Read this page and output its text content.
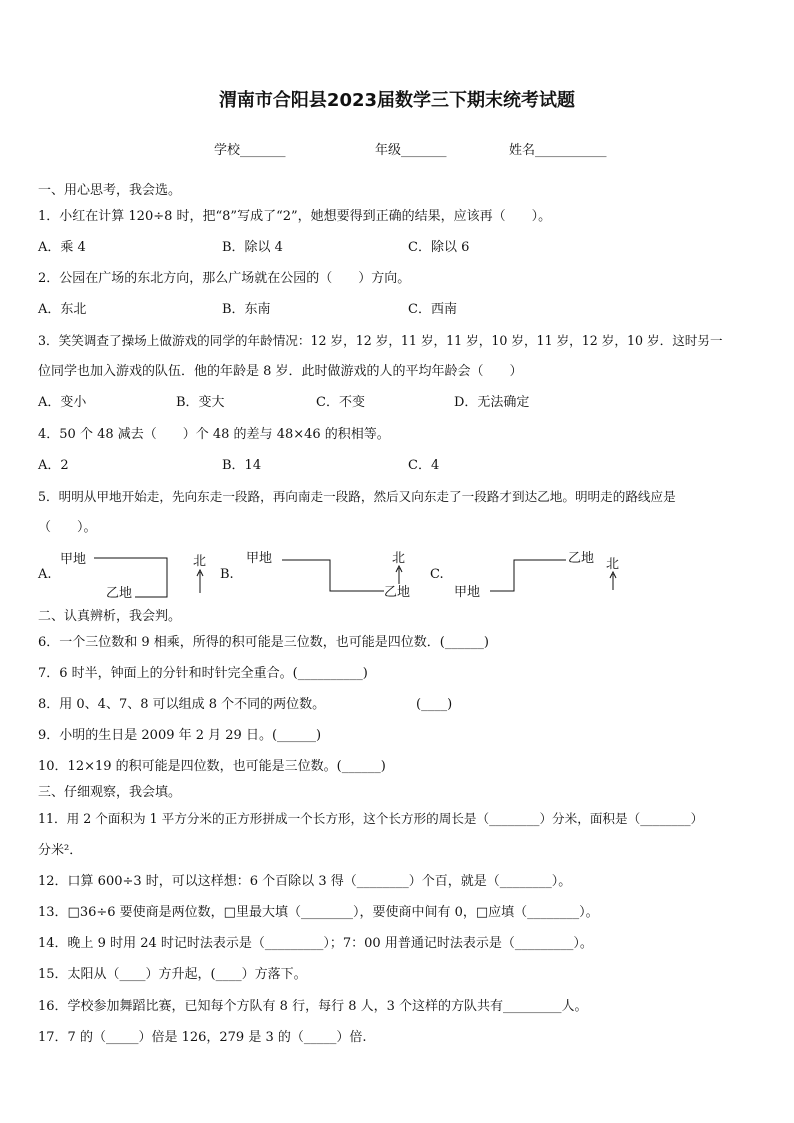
渭南市合阳县2023届数学三下期末统考试题
学校_______	年级_______	姓名___________
一、用心思考，我会选。
1．小红在计算 120÷8 时，把“8”写成了“2”，她想要得到正确的结果，应该再（　　）。
A．乘 4	B．除以 4	C．除以 6
2．公园在广场的东北方向，那么广场就在公园的（　　）方向。
A．东北	B．东南	C．西南
3．笑笑调查了操场上做游戏的同学的年龄情况：12 岁，12 岁，11 岁，11 岁，10 岁，11 岁，12 岁，10 岁．这时另一
位同学也加入游戏的队伍．他的年龄是 8 岁．此时做游戏的人的平均年龄会（　　）
A．变小	B．变大	C．不变	D．无法确定
4．50 个 48 减去（　　）个 48 的差与 48×46 的积相等。
A．2	B．14	C．4
5．明明从甲地开始走，先向东走一段路，再向南走一段路，然后又向东走了一段路才到达乙地。明明走的路线应是
（　　）。
A.
甲地
乙地
北
B.
甲地
乙地
北
C.
甲地
乙地 北
二、认真辨析，我会判。
6．一个三位数和 9 相乘，所得的积可能是三位数，也可能是四位数．(______)
7．6 时半，钟面上的分针和时针完全重合。(__________)
8．用 0、4、7、8 可以组成 8 个不同的两位数。	(____)
9．小明的生日是 2009 年 2 月 29 日。(______)
10．12×19 的积可能是四位数，也可能是三位数。(______)
三、仔细观察，我会填。
11．用 2 个面积为 1 平方分米的正方形拼成一个长方形，这个长方形的周长是（________）分米，面积是（________）
分米²．
12．口算 600÷3 时，可以这样想：6 个百除以 3 得（________）个百，就是（________）。
13．□36÷6 要使商是两位数，□里最大填（________），要使商中间有 0，□应填（________）。
14．晚上 9 时用 24 时记时法表示是（_________）；7：00 用普通记时法表示是（_________）。
15．太阳从（____）方升起，(____）方落下。
16．学校参加舞蹈比赛，已知每个方队有 8 行，每行 8 人，3 个这样的方队共有_________人。
17．7 的（_____）倍是 126，279 是 3 的（_____）倍.
